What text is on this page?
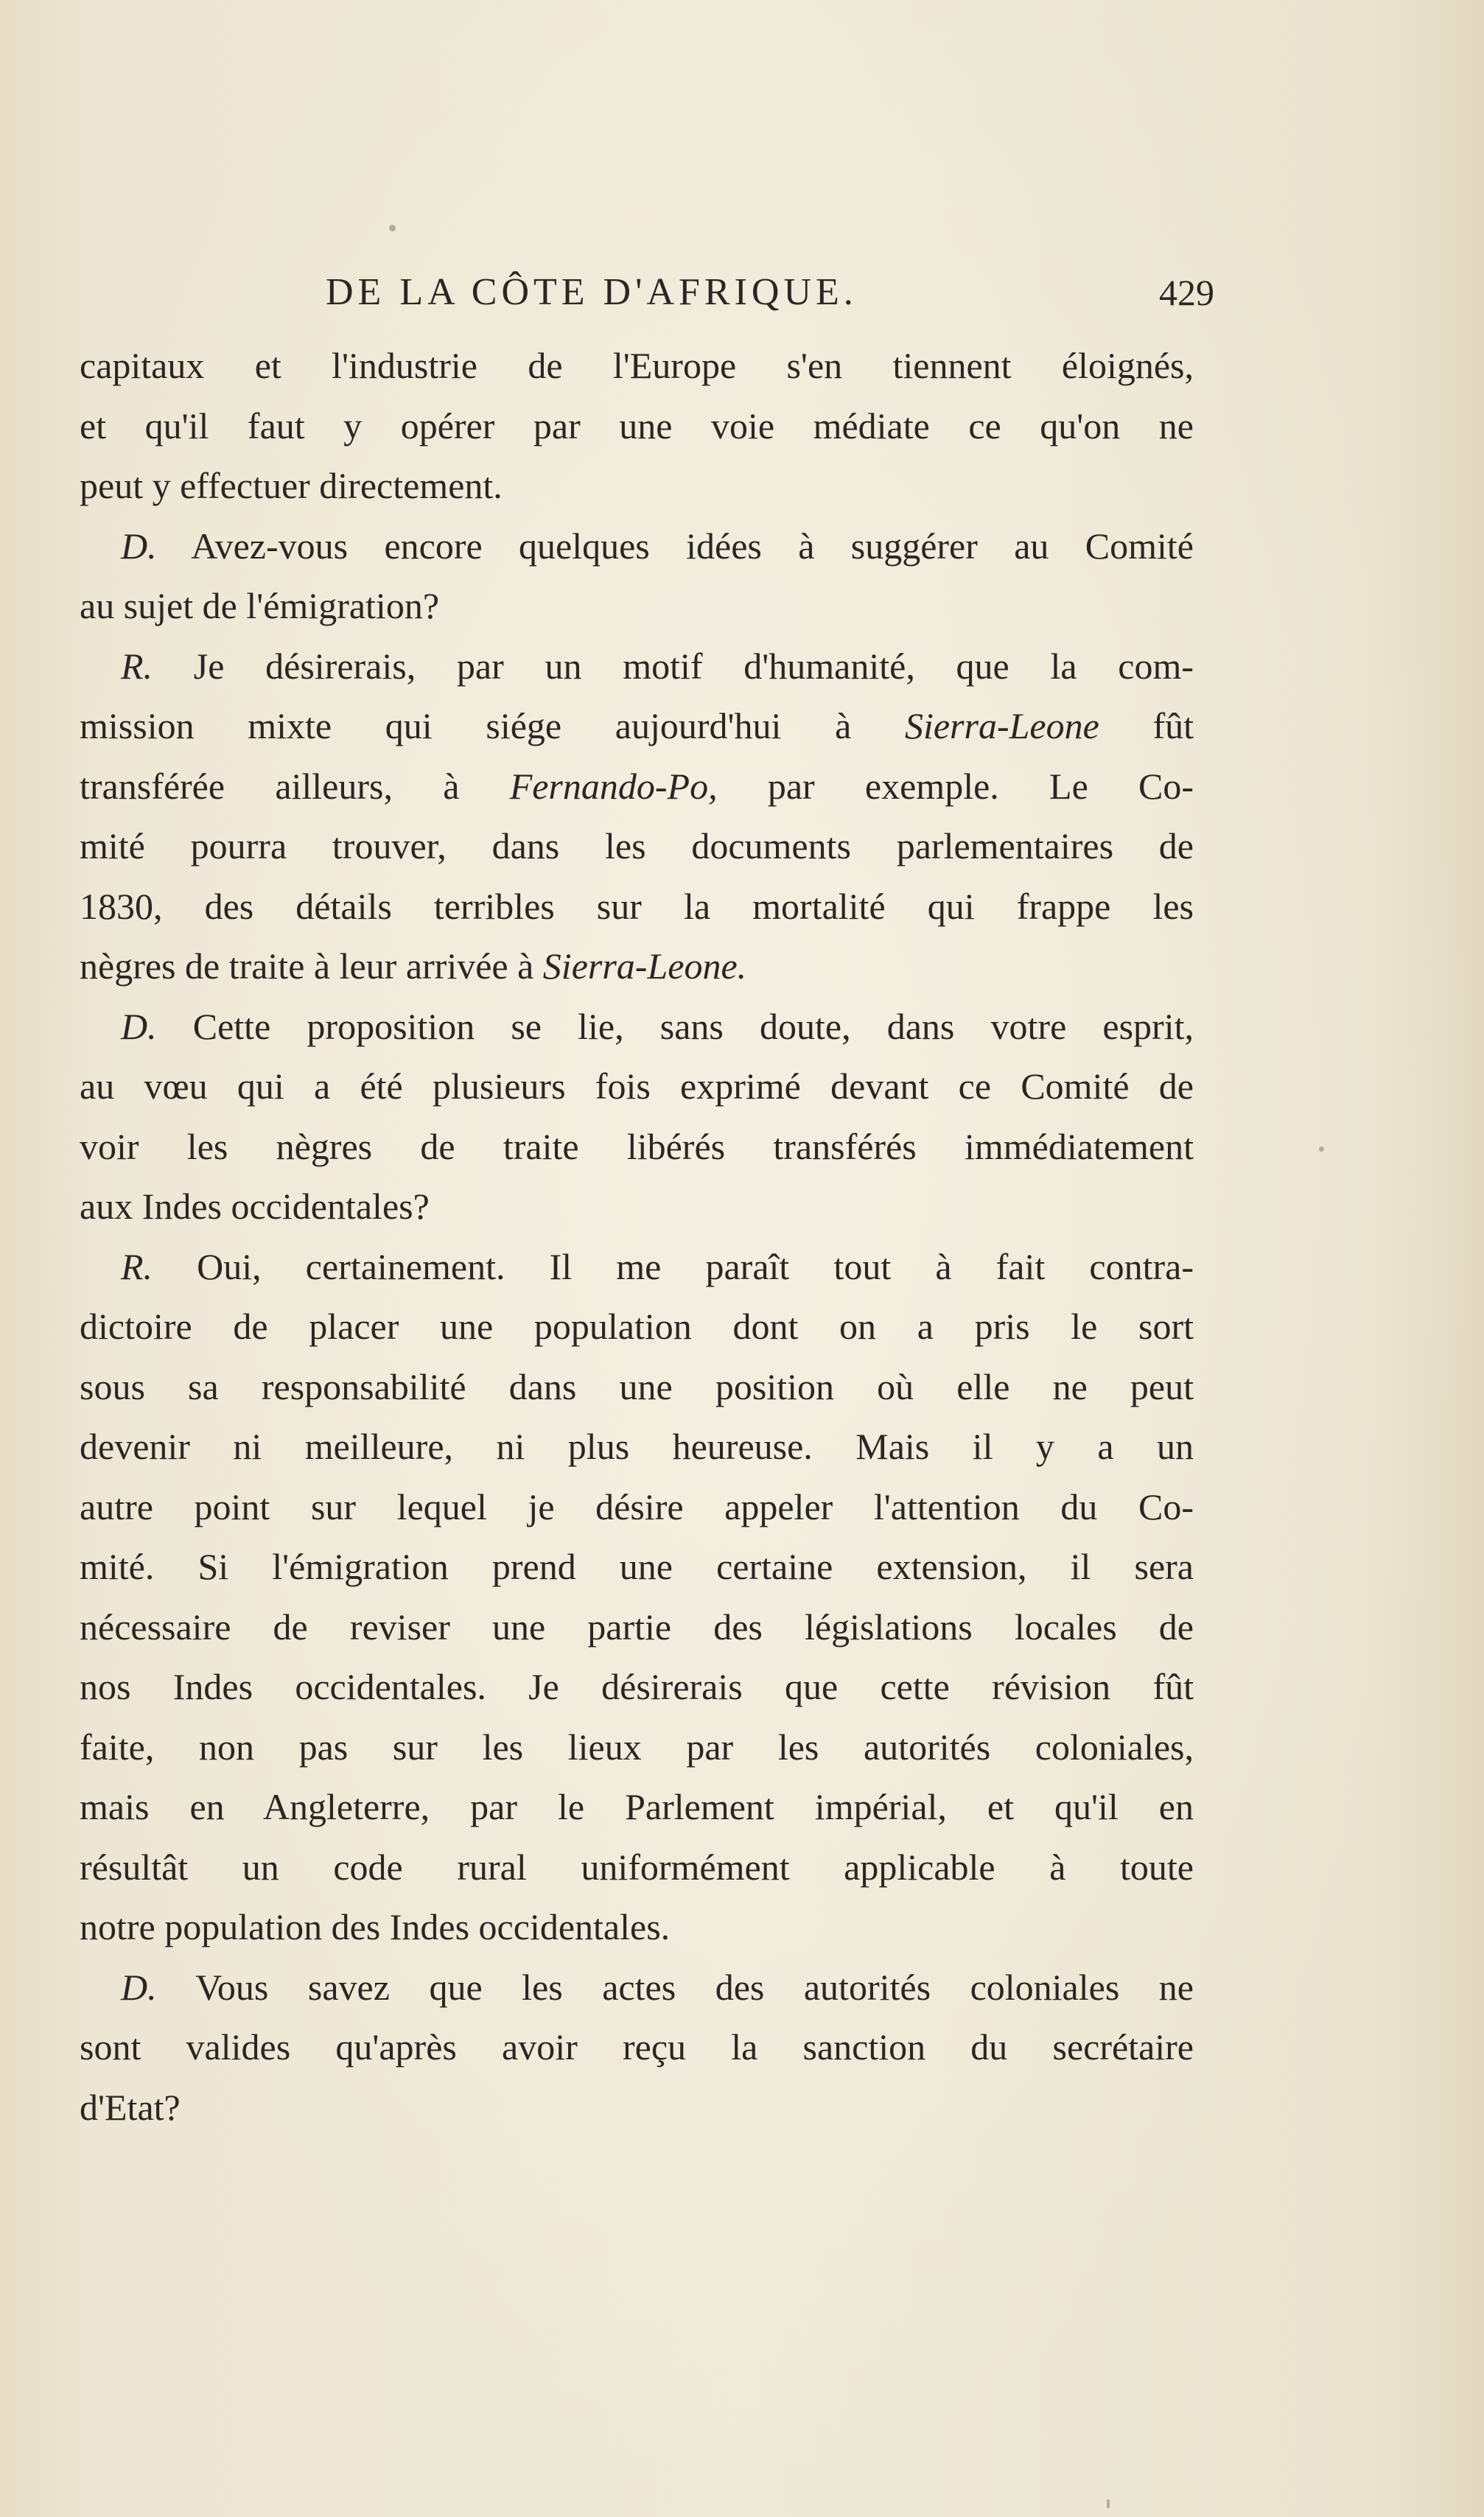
DE LA CÔTE D'AFRIQUE.	429
capitaux et l'industrie de l'Europe s'en tiennent éloignés,
et qu'il faut y opérer par une voie médiate ce qu'on ne
peut y effectuer directement.
D. Avez-vous encore quelques idées à suggérer au Comité
au sujet de l'émigration?
R. Je désirerais, par un motif d'humanité, que la com-
mission mixte qui siége aujourd'hui à Sierra-Leone fût
transférée ailleurs, à Fernando-Po, par exemple. Le Co-
mité pourra trouver, dans les documents parlementaires de
1830, des détails terribles sur la mortalité qui frappe les
nègres de traite à leur arrivée à Sierra-Leone.
D. Cette proposition se lie, sans doute, dans votre esprit,
au vœu qui a été plusieurs fois exprimé devant ce Comité de
voir les nègres de traite libérés transférés immédiatement
aux Indes occidentales?
R. Oui, certainement. Il me paraît tout à fait contra-
dictoire de placer une population dont on a pris le sort
sous sa responsabilité dans une position où elle ne peut
devenir ni meilleure, ni plus heureuse. Mais il y a un
autre point sur lequel je désire appeler l'attention du Co-
mité. Si l'émigration prend une certaine extension, il sera
nécessaire de reviser une partie des législations locales de
nos Indes occidentales. Je désirerais que cette révision fût
faite, non pas sur les lieux par les autorités coloniales,
mais en Angleterre, par le Parlement impérial, et qu'il en
résultât un code rural uniformément applicable à toute
notre population des Indes occidentales.
D. Vous savez que les actes des autorités coloniales ne
sont valides qu'après avoir reçu la sanction du secrétaire
d'Etat?
